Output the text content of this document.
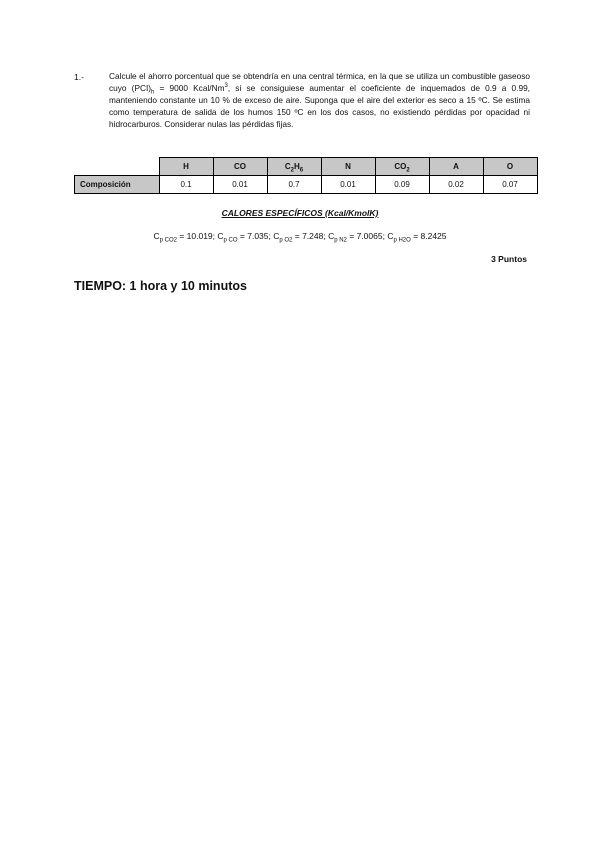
1.-	Calcule el ahorro porcentual que se obtendría en una central térmica, en la que se utiliza un combustible gaseoso cuyo $(PCI)_h = 9000$ Kcal/Nm$^3$, si se consiguiese aumentar el coeficiente de inquemados de 0.9 a 0.99, manteniendo constante un 10 % de exceso de aire. Suponga que el aire del exterior es seco a 15 ºC. Se estima como temperatura de salida de los humos 150 ºC en los dos casos, no existiendo pérdidas por opacidad ni hidrocarburos. Considerar nulas las pérdidas fijas.
	H	CO	$C_2H_6$	N	$CO_2$	A	O
Composición	0.1	0.01	0.7	0.01	0.09	0.02	0.07
CALORES ESPECÍFICOS (Kcal/KmolK)
$C_{p CO2} = 10.019$; $C_{p CO} = 7.035$; $C_{p O2} = 7.248$; $C_{p N2} = 7.0065$; $C_{p H2O} = 8.2425$
3 Puntos
TIEMPO: 1 hora y 10 minutos
